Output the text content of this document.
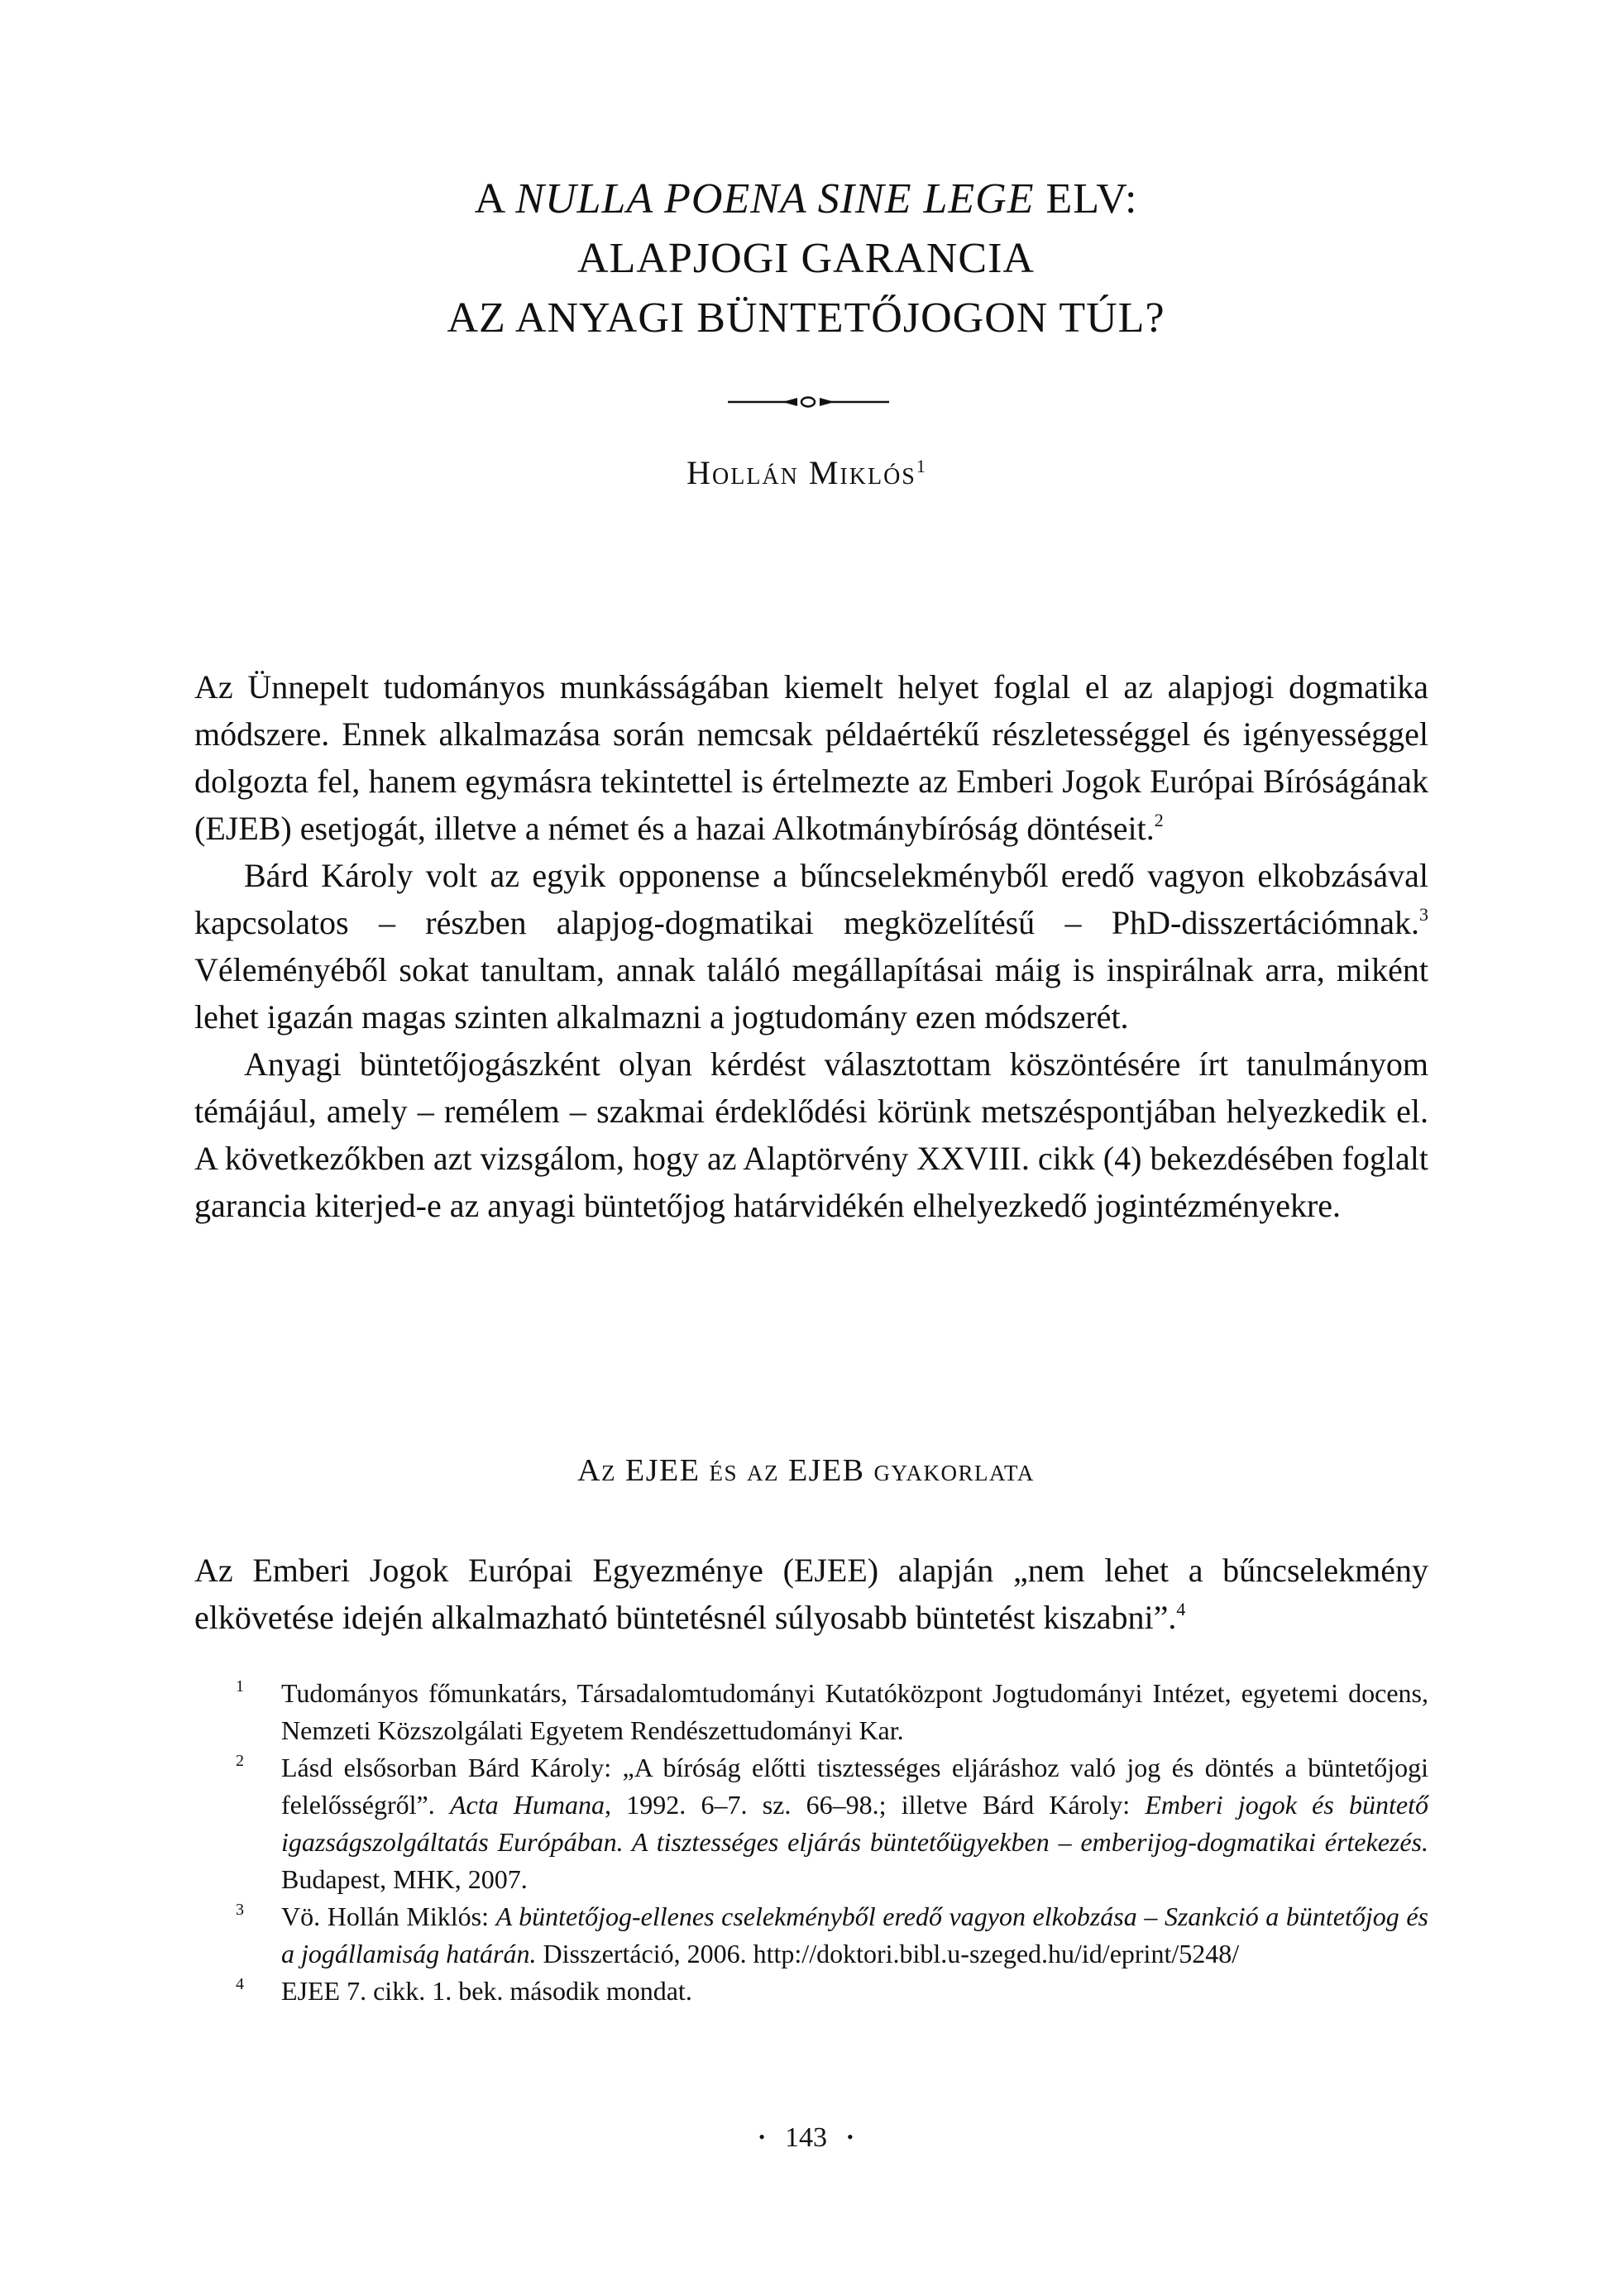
A NULLA POENA SINE LEGE ELV:
ALAPJOGI GARANCIA
AZ ANYAGI BÜNTETŐJOGON TÚL?
Hollán Miklós$^1$

Az Ünnepelt tudományos munkásságában kiemelt helyet foglal el az alapjogi dogmatika módszere. Ennek alkalmazása során nemcsak példaértékű részletességgel és igényességgel dolgozta fel, hanem egymásra tekintettel is értelmezte az Emberi Jogok Európai Bíróságának (EJEB) esetjogát, illetve a német és a hazai Alkotmánybíróság döntéseit.$^2$

Bárd Károly volt az egyik opponense a bűncselekményből eredő vagyon elkobzásával kapcsolatos – részben alapjog-dogmatikai megközelítésű – PhD-disszertációmnak.$^3$ Véleményéből sokat tanultam, annak találó megállapításai máig is inspirálnak arra, miként lehet igazán magas szinten alkalmazni a jogtudomány ezen módszerét.

Anyagi büntetőjogászként olyan kérdést választottam köszöntésére írt tanulmányom témájául, amely – remélem – szakmai érdeklődési körünk metszéspontjában helyezkedik el. A következőkben azt vizsgálom, hogy az Alaptörvény XXVIII. cikk (4) bekezdésében foglalt garancia kiterjed-e az anyagi büntetőjog határvidékén elhelyezkedő jogintézményekre.

Az EJEE és az EJEB gyakorlata

Az Emberi Jogok Európai Egyezménye (EJEE) alapján „nem lehet a bűncselekmény elkövetése idején alkalmazható büntetésnél súlyosabb büntetést kiszabni”.$^4$

1 Tudományos főmunkatárs, Társadalomtudományi Kutatóközpont Jogtudományi Intézet, egyetemi docens, Nemzeti Közszolgálati Egyetem Rendészettudományi Kar.
2 Lásd elsősorban Bárd Károly: „A bíróság előtti tisztességes eljáráshoz való jog és döntés a büntetőjogi felelősségről”. Acta Humana, 1992. 6–7. sz. 66–98.; illetve Bárd Károly: Emberi jogok és büntető igazságszolgáltatás Európában. A tisztességes eljárás büntetőügyekben – emberijog-dogmatikai értekezés. Budapest, MHK, 2007.
3 Vö. Hollán Miklós: A büntetőjog-ellenes cselekményből eredő vagyon elkobzása – Szankció a büntetőjog és a jogállamiság határán. Disszertáció, 2006. http://doktori.bibl.u-szeged.hu/id/eprint/5248/
4 EJEE 7. cikk. 1. bek. második mondat.
• 143 •
